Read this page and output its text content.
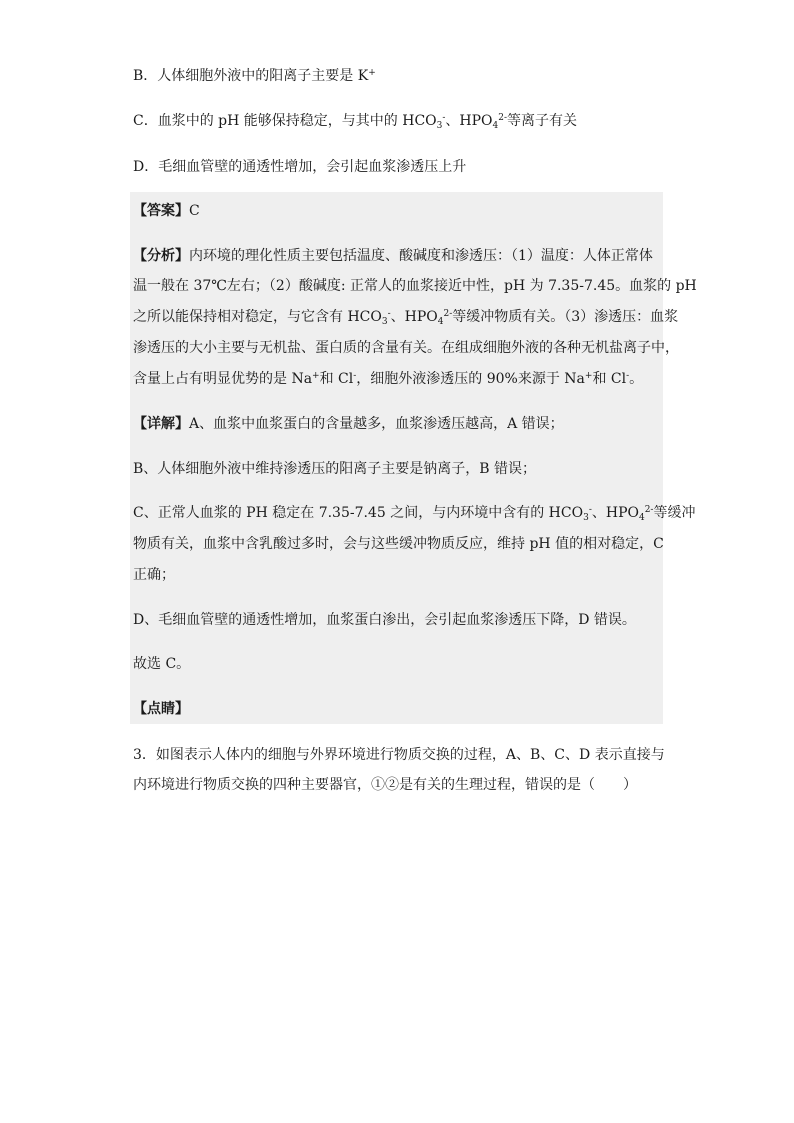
B．人体细胞外液中的阳离子主要是 K+
C．血浆中的 pH 能够保持稳定，与其中的 $HCO_3^-$、$HPO_4^{2-}$等离子有关
D．毛细血管壁的通透性增加，会引起血浆渗透压上升
【答案】C
【分析】内环境的理化性质主要包括温度、酸碱度和渗透压：（1）温度：人体正常体
温一般在 37℃左右；（2）酸碱度: 正常人的血浆接近中性，pH 为 7.35-7.45。血浆的 pH
之所以能保持相对稳定，与它含有 $HCO_3^-$、$HPO_4^{2-}$等缓冲物质有关。（3）渗透压：血浆
渗透压的大小主要与无机盐、蛋白质的含量有关。在组成细胞外液的各种无机盐离子中，
含量上占有明显优势的是 Na+和 Cl-，细胞外液渗透压的 90%来源于 Na+和 Cl-。
【详解】A、血浆中血浆蛋白的含量越多，血浆渗透压越高，A 错误；
B、人体细胞外液中维持渗透压的阳离子主要是钠离子，B 错误；
C、正常人血浆的 PH 稳定在 7.35-7.45 之间，与内环境中含有的 $HCO_3^-$、$HPO_4^{2-}$等缓冲
物质有关，血浆中含乳酸过多时，会与这些缓冲物质反应，维持 pH 值的相对稳定，C
正确；
D、毛细血管壁的通透性增加，血浆蛋白渗出，会引起血浆渗透压下降，D 错误。
故选 C。
【点睛】
3．如图表示人体内的细胞与外界环境进行物质交换的过程，A、B、C、D 表示直接与
内环境进行物质交换的四种主要器官，①②是有关的生理过程，错误的是（　　）
